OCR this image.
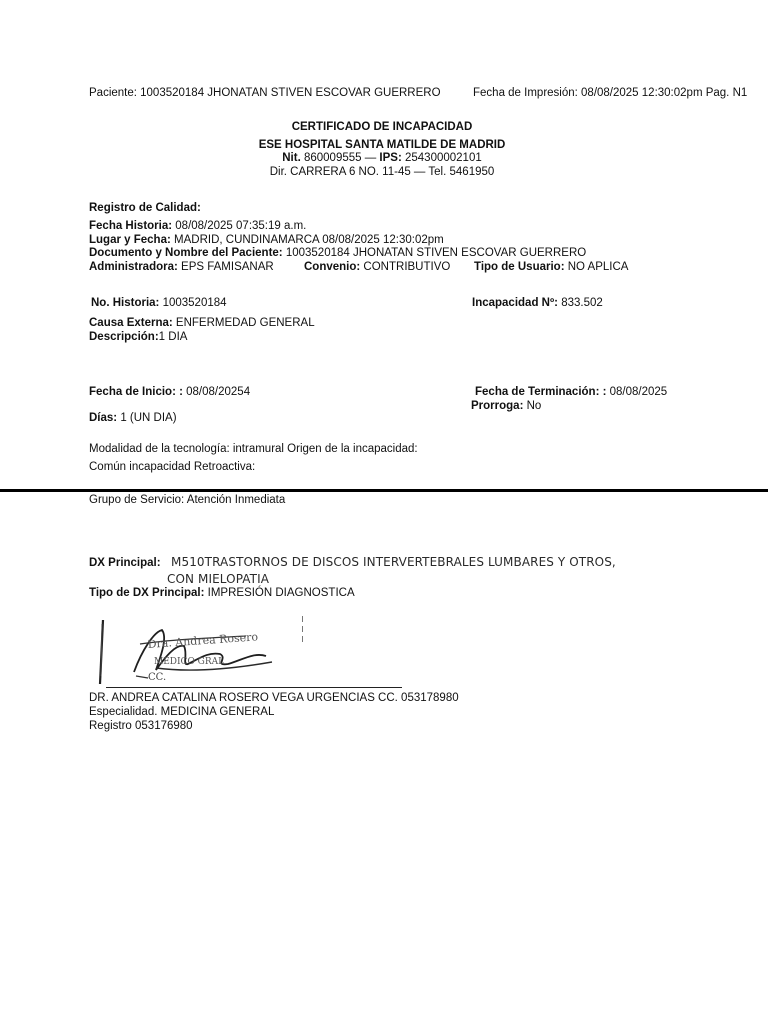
Paciente: 1003520184 JHONATAN STIVEN ESCOVAR GUERRERO	Fecha de Impresión: 08/08/2025 12:30:02pm Pag. N1
CERTIFICADO DE INCAPACIDAD
ESE HOSPITAL SANTA MATILDE DE MADRID
Nit. 860009555 — IPS: 254300002101
Dir. CARRERA 6 NO. 11-45 — Tel. 5461950
Registro de Calidad:
Fecha Historia: 08/08/2025 07:35:19 a.m.
Lugar y Fecha: MADRID, CUNDINAMARCA 08/08/2025 12:30:02pm
Documento y Nombre del Paciente: 1003520184 JHONATAN STIVEN ESCOVAR GUERRERO
Administradora: EPS FAMISANAR	Convenio: CONTRIBUTIVO Tipo de Usuario: NO APLICA
No. Historia: 1003520184	Incapacidad Nº: 833.502
Causa Externa: ENFERMEDAD GENERAL
Descripción:1 DIA
Fecha de Inicio: : 08/08/20254	Fecha de Terminación: : 08/08/2025
Prorroga: No
Días: 1 (UN DIA)
Modalidad de la tecnología: intramural Origen de la incapacidad:
Común incapacidad Retroactiva:
Grupo de Servicio: Atención Inmediata
DX Principal: M510TRASTORNOS DE DISCOS INTERVERTEBRALES LUMBARES Y OTROS,
CON MIELOPATIA
Tipo de DX Principal: IMPRESIÓN DIAGNOSTICA
Dra. Andrea Rosero
MEDICO GRAL
CC.
DR. ANDREA CATALINA ROSERO VEGA URGENCIAS CC. 053178980
Especialidad. MEDICINA GENERAL
Registro 053176980
